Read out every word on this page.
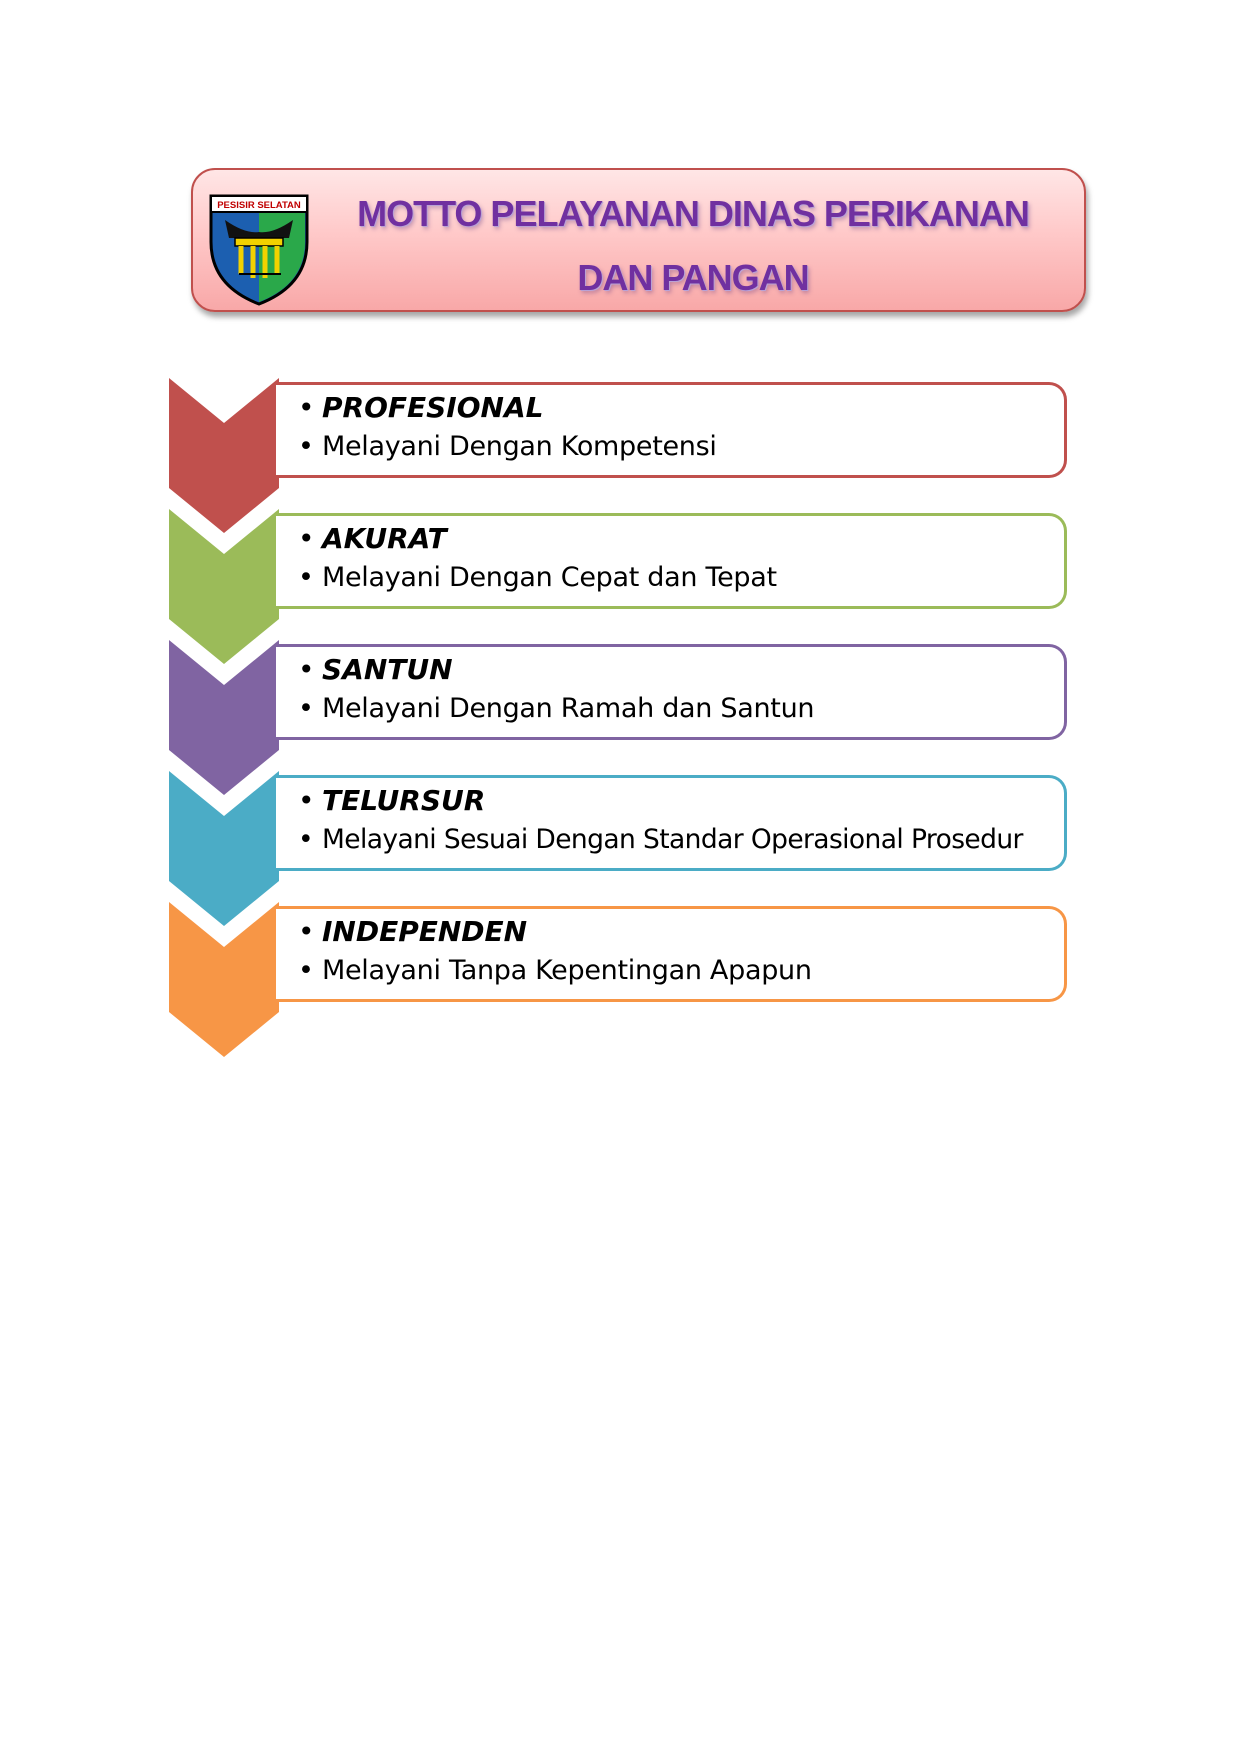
PESISIR SELATAN	MOTTO PELAYANAN DINAS PERIKANAN
DAN PANGAN
P
• PROFESIONAL
• Melayani Dengan Kompetensi
A
• AKURAT
• Melayani Dengan Cepat dan Tepat
S
• SANTUN
• Melayani Dengan Ramah dan Santun
T
• TELURSUR
• Melayani Sesuai Dengan Standar Operasional Prosedur
I
• INDEPENDEN
• Melayani Tanpa Kepentingan Apapun
